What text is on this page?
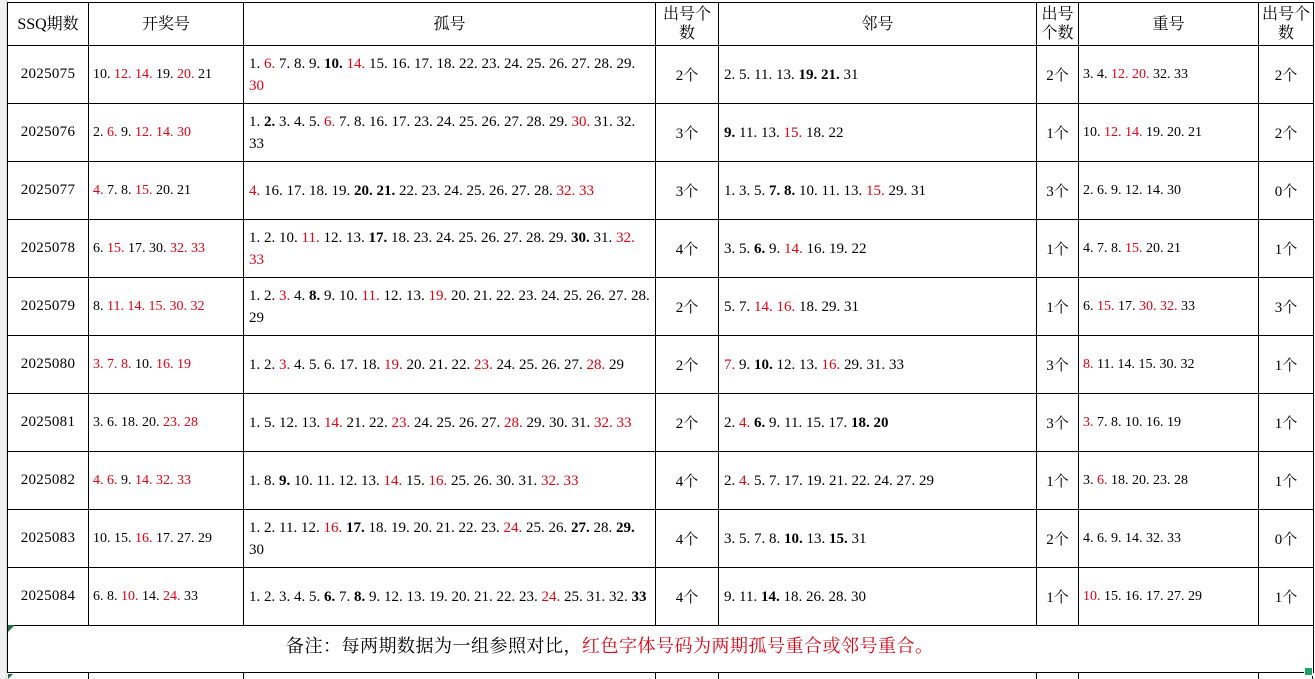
SSQ期数	开奖号	孤号	出号个数	邻号	出号个数	重号	出号个数
2025075	10. 12. 14. 19. 20. 21	1. 6. 7. 8. 9. 10. 14. 15. 16. 17. 18. 22. 23. 24. 25. 26. 27. 28. 29. 30	2个	2. 5. 11. 13. 19. 21. 31	2个	3. 4. 12. 20. 32. 33	2个
2025076	2. 6. 9. 12. 14. 30	1. 2. 3. 4. 5. 6. 7. 8. 16. 17. 23. 24. 25. 26. 27. 28. 29. 30. 31. 32. 33	3个	9. 11. 13. 15. 18. 22	1个	10. 12. 14. 19. 20. 21	2个
2025077	4. 7. 8. 15. 20. 21	4. 16. 17. 18. 19. 20. 21. 22. 23. 24. 25. 26. 27. 28. 32. 33	3个	1. 3. 5. 7. 8. 10. 11. 13. 15. 29. 31	3个	2. 6. 9. 12. 14. 30	0个
2025078	6. 15. 17. 30. 32. 33	1. 2. 10. 11. 12. 13. 17. 18. 23. 24. 25. 26. 27. 28. 29. 30. 31. 32. 33	4个	3. 5. 6. 9. 14. 16. 19. 22	1个	4. 7. 8. 15. 20. 21	1个
2025079	8. 11. 14. 15. 30. 32	1. 2. 3. 4. 8. 9. 10. 11. 12. 13. 19. 20. 21. 22. 23. 24. 25. 26. 27. 28. 29	2个	5. 7. 14. 16. 18. 29. 31	1个	6. 15. 17. 30. 32. 33	3个
2025080	3. 7. 8. 10. 16. 19	1. 2. 3. 4. 5. 6. 17. 18. 19. 20. 21. 22. 23. 24. 25. 26. 27. 28. 29	2个	7. 9. 10. 12. 13. 16. 29. 31. 33	3个	8. 11. 14. 15. 30. 32	1个
2025081	3. 6. 18. 20. 23. 28	1. 5. 12. 13. 14. 21. 22. 23. 24. 25. 26. 27. 28. 29. 30. 31. 32. 33	2个	2. 4. 6. 9. 11. 15. 17. 18. 20	3个	3. 7. 8. 10. 16. 19	1个
2025082	4. 6. 9. 14. 32. 33	1. 8. 9. 10. 11. 12. 13. 14. 15. 16. 25. 26. 30. 31. 32. 33	4个	2. 4. 5. 7. 17. 19. 21. 22. 24. 27. 29	1个	3. 6. 18. 20. 23. 28	1个
2025083	10. 15. 16. 17. 27. 29	1. 2. 11. 12. 16. 17. 18. 19. 20. 21. 22. 23. 24. 25. 26. 27. 28. 29. 30	4个	3. 5. 7. 8. 10. 13. 15. 31	2个	4. 6. 9. 14. 32. 33	0个
2025084	6. 8. 10. 14. 24. 33	1. 2. 3. 4. 5. 6. 7. 8. 9. 12. 13. 19. 20. 21. 22. 23. 24. 25. 31. 32. 33	4个	9. 11. 14. 18. 26. 28. 30	1个	10. 15. 16. 17. 27. 29	1个
备注：每两期数据为一组参照对比，红色字体号码为两期孤号重合或邻号重合。							
